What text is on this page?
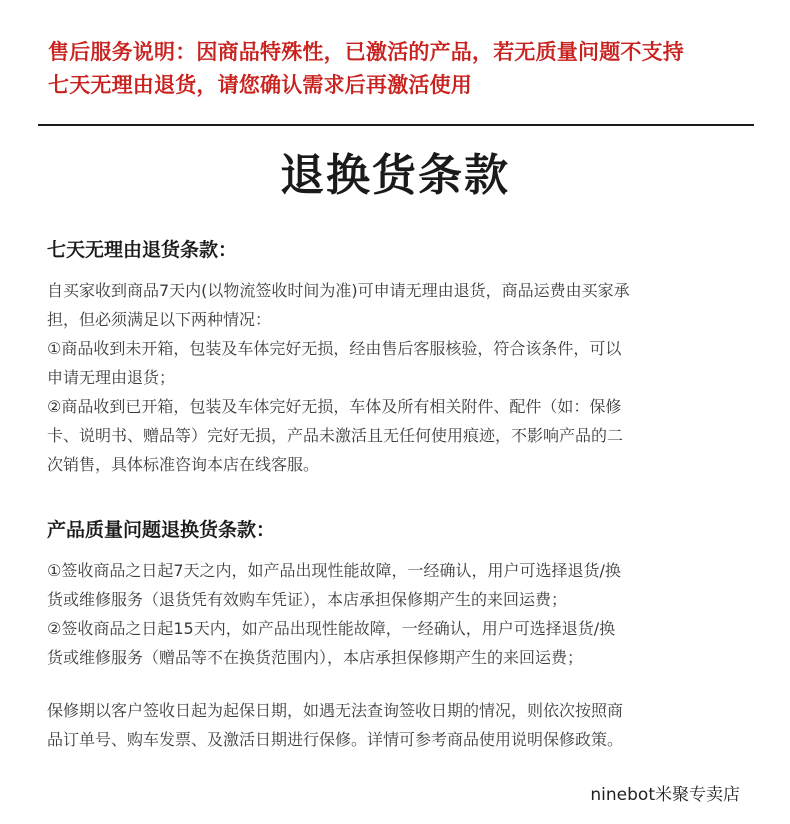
售后服务说明：因商品特殊性，已激活的产品，若无质量问题不支持
七天无理由退货，请您确认需求后再激活使用
退换货条款
七天无理由退货条款：

自买家收到商品7天内(以物流签收时间为准)可申请无理由退货，商品运费由买家承

担，但必须满足以下两种情况：

①商品收到未开箱，包装及车体完好无损，经由售后客服核验，符合该条件，可以

申请无理由退货；

②商品收到已开箱，包装及车体完好无损，车体及所有相关附件、配件（如：保修

卡、说明书、赠品等）完好无损，产品未激活且无任何使用痕迹，不影响产品的二

次销售，具体标准咨询本店在线客服。

产品质量问题退换货条款：

①签收商品之日起7天之内，如产品出现性能故障，一经确认，用户可选择退货/换

货或维修服务（退货凭有效购车凭证），本店承担保修期产生的来回运费；

②签收商品之日起15天内，如产品出现性能故障，一经确认，用户可选择退货/换

货或维修服务（赠品等不在换货范围内），本店承担保修期产生的来回运费；

保修期以客户签收日起为起保日期，如遇无法查询签收日期的情况，则依次按照商

品订单号、购车发票、及激活日期进行保修。详情可参考商品使用说明保修政策。

ninebot米聚专卖店
